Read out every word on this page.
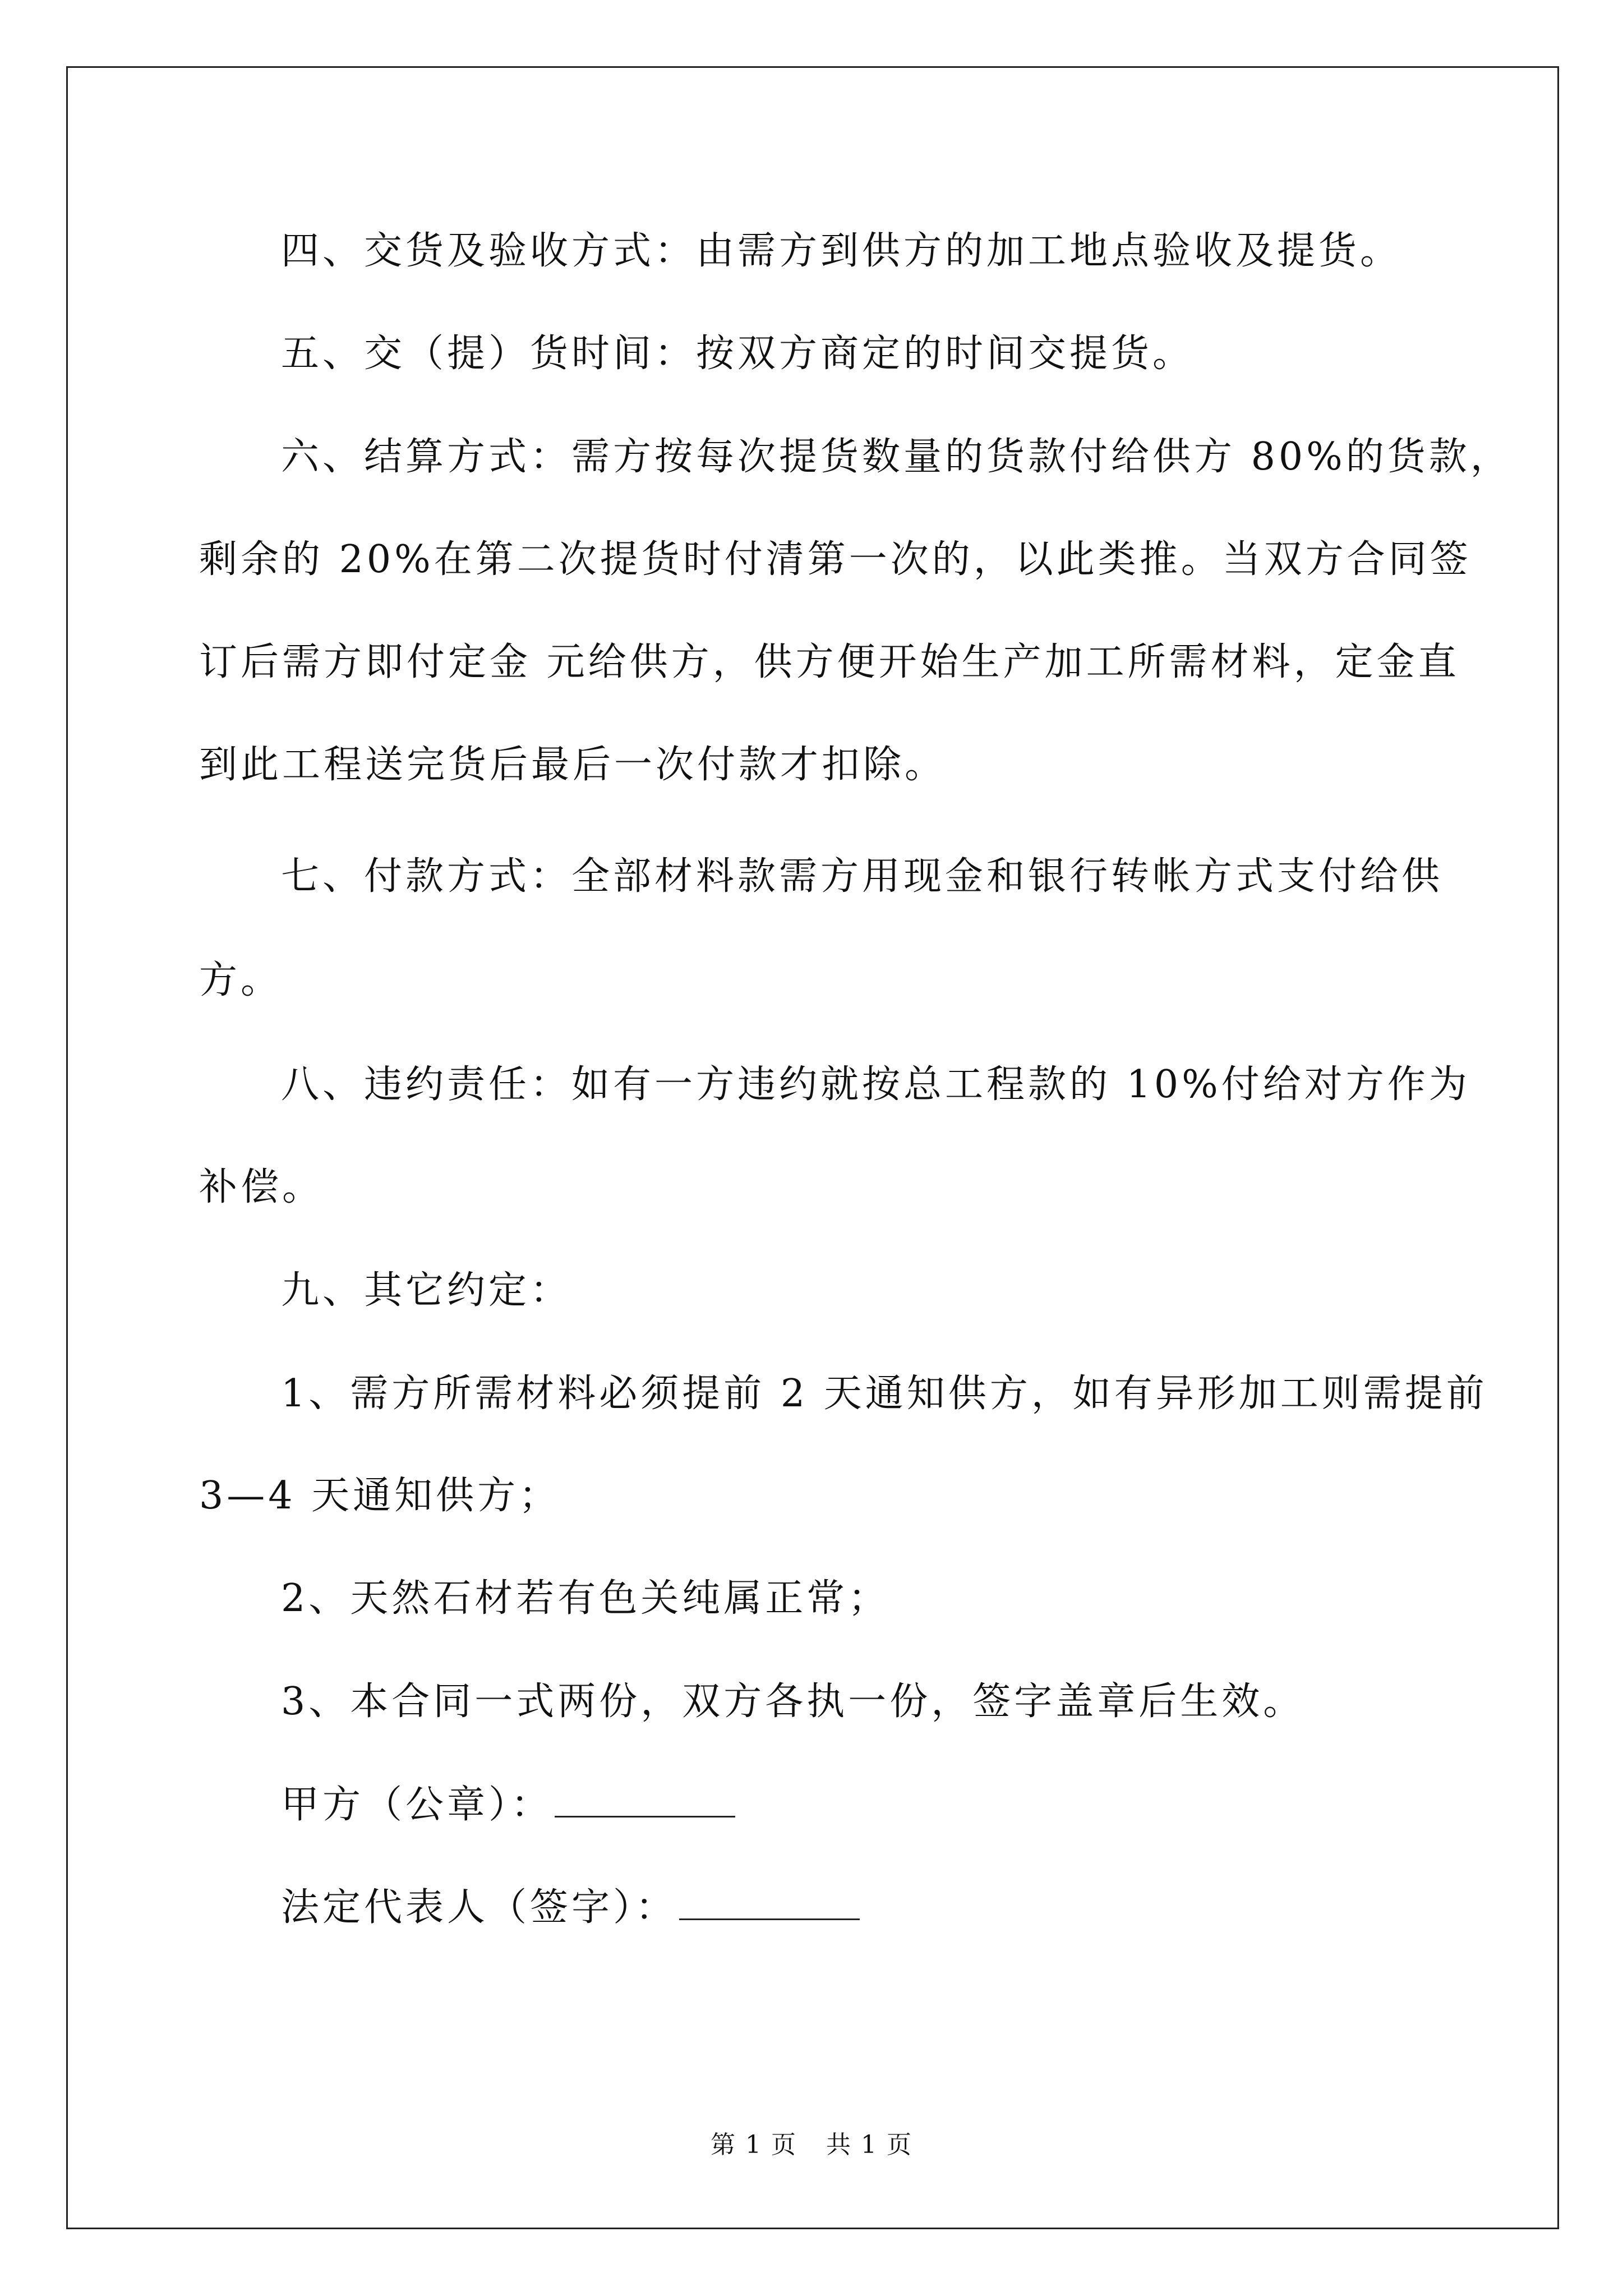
四、交货及验收方式：由需方到供方的加工地点验收及提货。
五、交（提）货时间：按双方商定的时间交提货。
六、结算方式：需方按每次提货数量的货款付给供方 80%的货款，
剩余的 20%在第二次提货时付清第一次的，以此类推。当双方合同签
订后需方即付定金 元给供方，供方便开始生产加工所需材料，定金直
到此工程送完货后最后一次付款才扣除。
七、付款方式：全部材料款需方用现金和银行转帐方式支付给供
方。
八、违约责任：如有一方违约就按总工程款的 10%付给对方作为
补偿。
九、其它约定：
1、需方所需材料必须提前 2 天通知供方，如有异形加工则需提前
3—4 天通知供方；
2、天然石材若有色关纯属正常；
3、本合同一式两份，双方各执一份，签字盖章后生效。
甲方（公章）：
法定代表人（签字）：
第 1 页 共 1 页
